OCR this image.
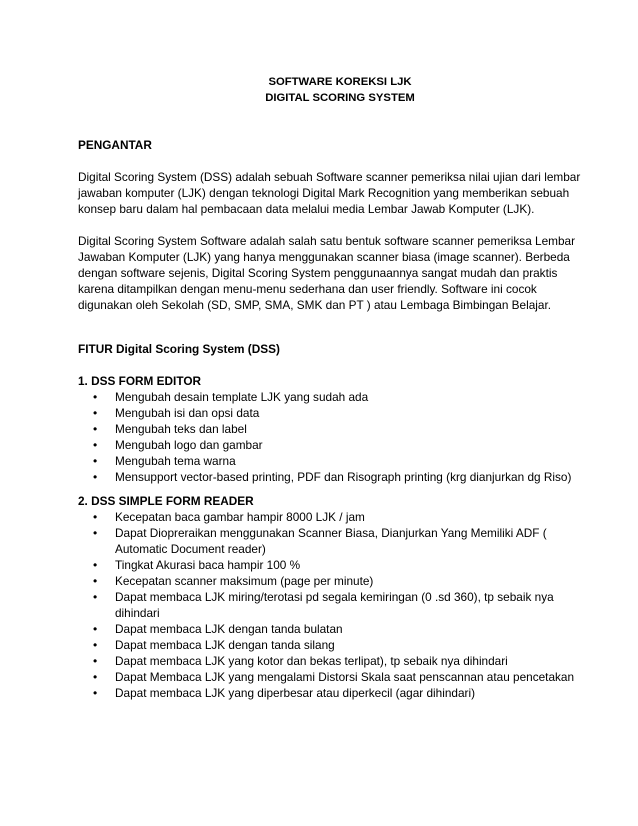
SOFTWARE KOREKSI LJK
DIGITAL SCORING SYSTEM

PENGANTAR

Digital Scoring System (DSS) adalah sebuah Software scanner pemeriksa nilai ujian dari lembar jawaban komputer (LJK) dengan teknologi Digital Mark Recognition yang memberikan sebuah konsep baru dalam hal pembacaan data melalui media Lembar Jawab Komputer (LJK).

Digital Scoring System Software adalah salah satu bentuk software scanner pemeriksa Lembar Jawaban Komputer (LJK) yang hanya menggunakan scanner biasa (image scanner). Berbeda dengan software sejenis, Digital Scoring System penggunaannya sangat mudah dan praktis karena ditampilkan dengan menu-menu sederhana dan user friendly. Software ini cocok digunakan oleh Sekolah (SD, SMP, SMA, SMK dan PT ) atau Lembaga Bimbingan Belajar.

FITUR Digital Scoring System (DSS)

1. DSS FORM EDITOR

• Mengubah desain template LJK yang sudah ada
• Mengubah isi dan opsi data
• Mengubah teks dan label
• Mengubah logo dan gambar
• Mengubah tema warna
• Mensupport vector-based printing, PDF dan Risograph printing (krg dianjurkan dg Riso)

2. DSS SIMPLE FORM READER

• Kecepatan baca gambar hampir 8000 LJK / jam
• Dapat Diopreraikan menggunakan Scanner Biasa, Dianjurkan Yang Memiliki ADF ( Automatic Document reader)
• Tingkat Akurasi baca hampir 100 %
• Kecepatan scanner maksimum (page per minute)
• Dapat membaca LJK miring/terotasi pd segala kemiringan (0 .sd 360), tp sebaik nya dihindari
• Dapat membaca LJK dengan tanda bulatan
• Dapat membaca LJK dengan tanda silang
• Dapat membaca LJK yang kotor dan bekas terlipat), tp sebaik nya dihindari
• Dapat Membaca LJK yang mengalami Distorsi Skala saat penscannan atau pencetakan
• Dapat membaca LJK yang diperbesar atau diperkecil (agar dihindari)
